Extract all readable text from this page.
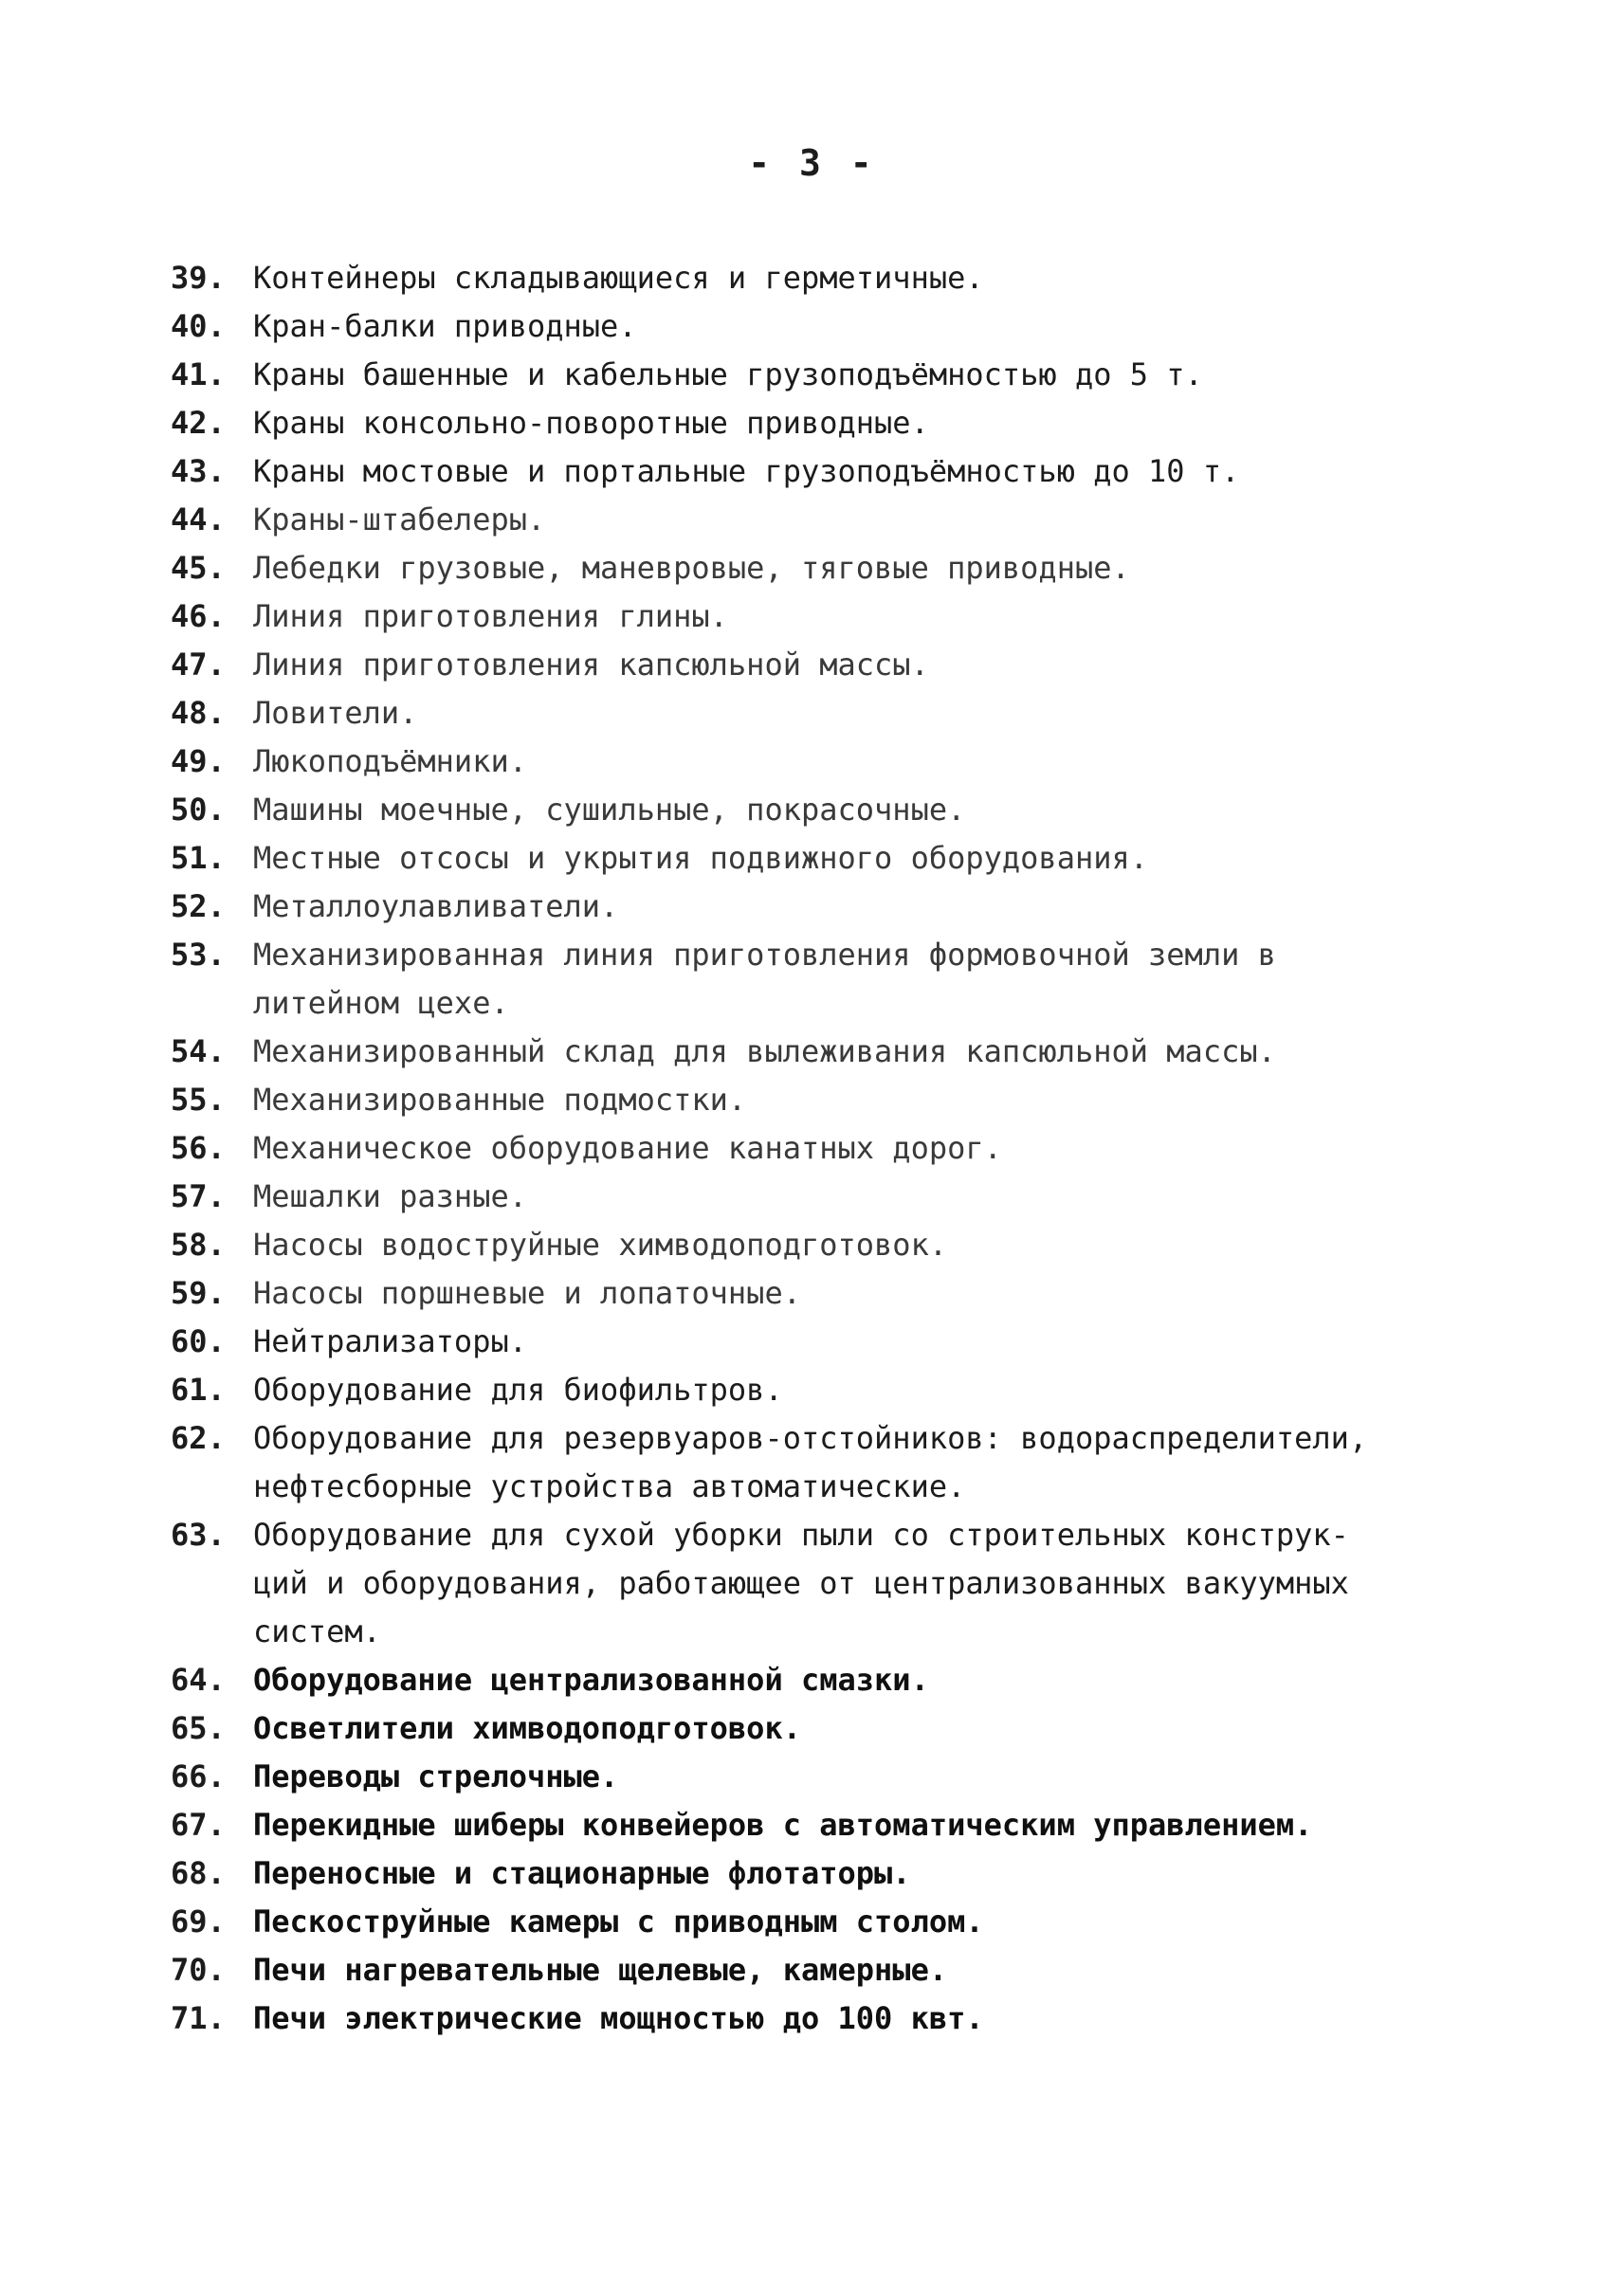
- 3 -
39. Контейнеры складывающиеся и герметичные.
40. Кран-балки приводные.
41. Краны башенные и кабельные грузоподъёмностью до 5 т.
42. Краны консольно-поворотные приводные.
43. Краны мостовые и портальные грузоподъёмностью до 10 т.
44. Краны-штабелеры.
45. Лебедки грузовые, маневровые, тяговые приводные.
46. Линия приготовления глины.
47. Линия приготовления капсюльной массы.
48. Ловители.
49. Люкоподъёмники.
50. Машины моечные, сушильные, покрасочные.
51. Местные отсосы и укрытия подвижного оборудования.
52. Металлоулавливатели.
53. Механизированная линия приготовления формовочной земли в
литейном цехе.
54. Механизированный склад для вылеживания капсюльной массы.
55. Механизированные подмостки.
56. Механическое оборудование канатных дорог.
57. Мешалки разные.
58. Насосы водоструйные химводоподготовок.
59. Насосы поршневые и лопаточные.
60. Нейтрализаторы.
61. Оборудование для биофильтров.
62. Оборудование для резервуаров-отстойников: водораспределители,
нефтесборные устройства автоматические.
63. Оборудование для сухой уборки пыли со строительных конструк-
ций и оборудования, работающее от централизованных вакуумных
систем.
64. Оборудование централизованной смазки.
65. Осветлители химводоподготовок.
66. Переводы стрелочные.
67. Перекидные шиберы конвейеров с автоматическим управлением.
68. Переносные и стационарные флотаторы.
69. Пескоструйные камеры с приводным столом.
70. Печи нагревательные щелевые, камерные.
71. Печи электрические мощностью до 100 квт.
